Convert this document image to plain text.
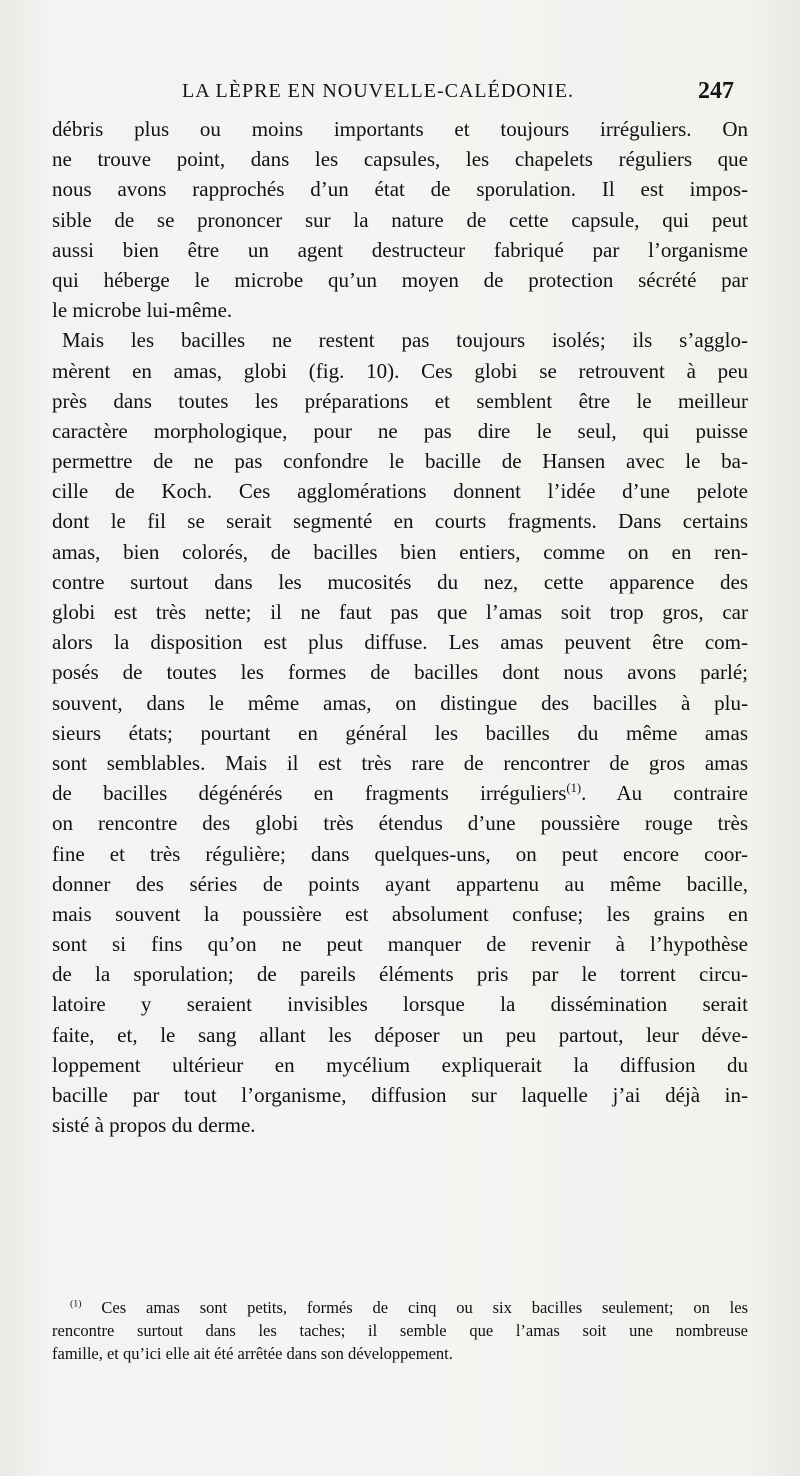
LA LÈPRE EN NOUVELLE-CALÉDONIE.	247
débris plus ou moins importants et toujours irréguliers. On
ne trouve point, dans les capsules, les chapelets réguliers que
nous avons rapprochés d’un état de sporulation. Il est impos-
sible de se prononcer sur la nature de cette capsule, qui peut
aussi bien être un agent destructeur fabriqué par l’organisme
qui héberge le microbe qu’un moyen de protection sécrété par
le microbe lui-même.
Mais les bacilles ne restent pas toujours isolés; ils s’agglo-
mèrent en amas, globi (fig. 10). Ces globi se retrouvent à peu
près dans toutes les préparations et semblent être le meilleur
caractère morphologique, pour ne pas dire le seul, qui puisse
permettre de ne pas confondre le bacille de Hansen avec le ba-
cille de Koch. Ces agglomérations donnent l’idée d’une pelote
dont le fil se serait segmenté en courts fragments. Dans certains
amas, bien colorés, de bacilles bien entiers, comme on en ren-
contre surtout dans les mucosités du nez, cette apparence des
globi est très nette; il ne faut pas que l’amas soit trop gros, car
alors la disposition est plus diffuse. Les amas peuvent être com-
posés de toutes les formes de bacilles dont nous avons parlé;
souvent, dans le même amas, on distingue des bacilles à plu-
sieurs états; pourtant en général les bacilles du même amas
sont semblables. Mais il est très rare de rencontrer de gros amas
de bacilles dégénérés en fragments irréguliers$^{(1)}$. Au contraire
on rencontre des globi très étendus d’une poussière rouge très
fine et très régulière; dans quelques-uns, on peut encore coor-
donner des séries de points ayant appartenu au même bacille,
mais souvent la poussière est absolument confuse; les grains en
sont si fins qu’on ne peut manquer de revenir à l’hypothèse
de la sporulation; de pareils éléments pris par le torrent circu-
latoire y seraient invisibles lorsque la dissémination serait
faite, et, le sang allant les déposer un peu partout, leur déve-
loppement ultérieur en mycélium expliquerait la diffusion du
bacille par tout l’organisme, diffusion sur laquelle j’ai déjà in-
sisté à propos du derme.
$^{(1)}$ Ces amas sont petits, formés de cinq ou six bacilles seulement; on les
rencontre surtout dans les taches; il semble que l’amas soit une nombreuse
famille, et qu’ici elle ait été arrêtée dans son développement.
